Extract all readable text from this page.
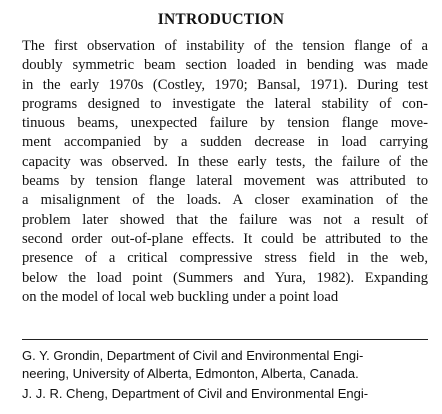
INTRODUCTION
The first observation of instability of the tension flange of a
doubly symmetric beam section loaded in bending was made
in the early 1970s (Costley, 1970; Bansal, 1971). During test
programs designed to investigate the lateral stability of con-
tinuous beams, unexpected failure by tension flange move-
ment accompanied by a sudden decrease in load carrying
capacity was observed. In these early tests, the failure of the
beams by tension flange lateral movement was attributed to
a misalignment of the loads. A closer examination of the
problem later showed that the failure was not a result of
second order out-of-plane effects. It could be attributed to the
presence of a critical compressive stress field in the web,
below the load point (Summers and Yura, 1982). Expanding
on the model of local web buckling under a point load

G. Y. Grondin, Department of Civil and Environmental Engi-
neering, University of Alberta, Edmonton, Alberta, Canada.

J. J. R. Cheng, Department of Civil and Environmental Engi-
